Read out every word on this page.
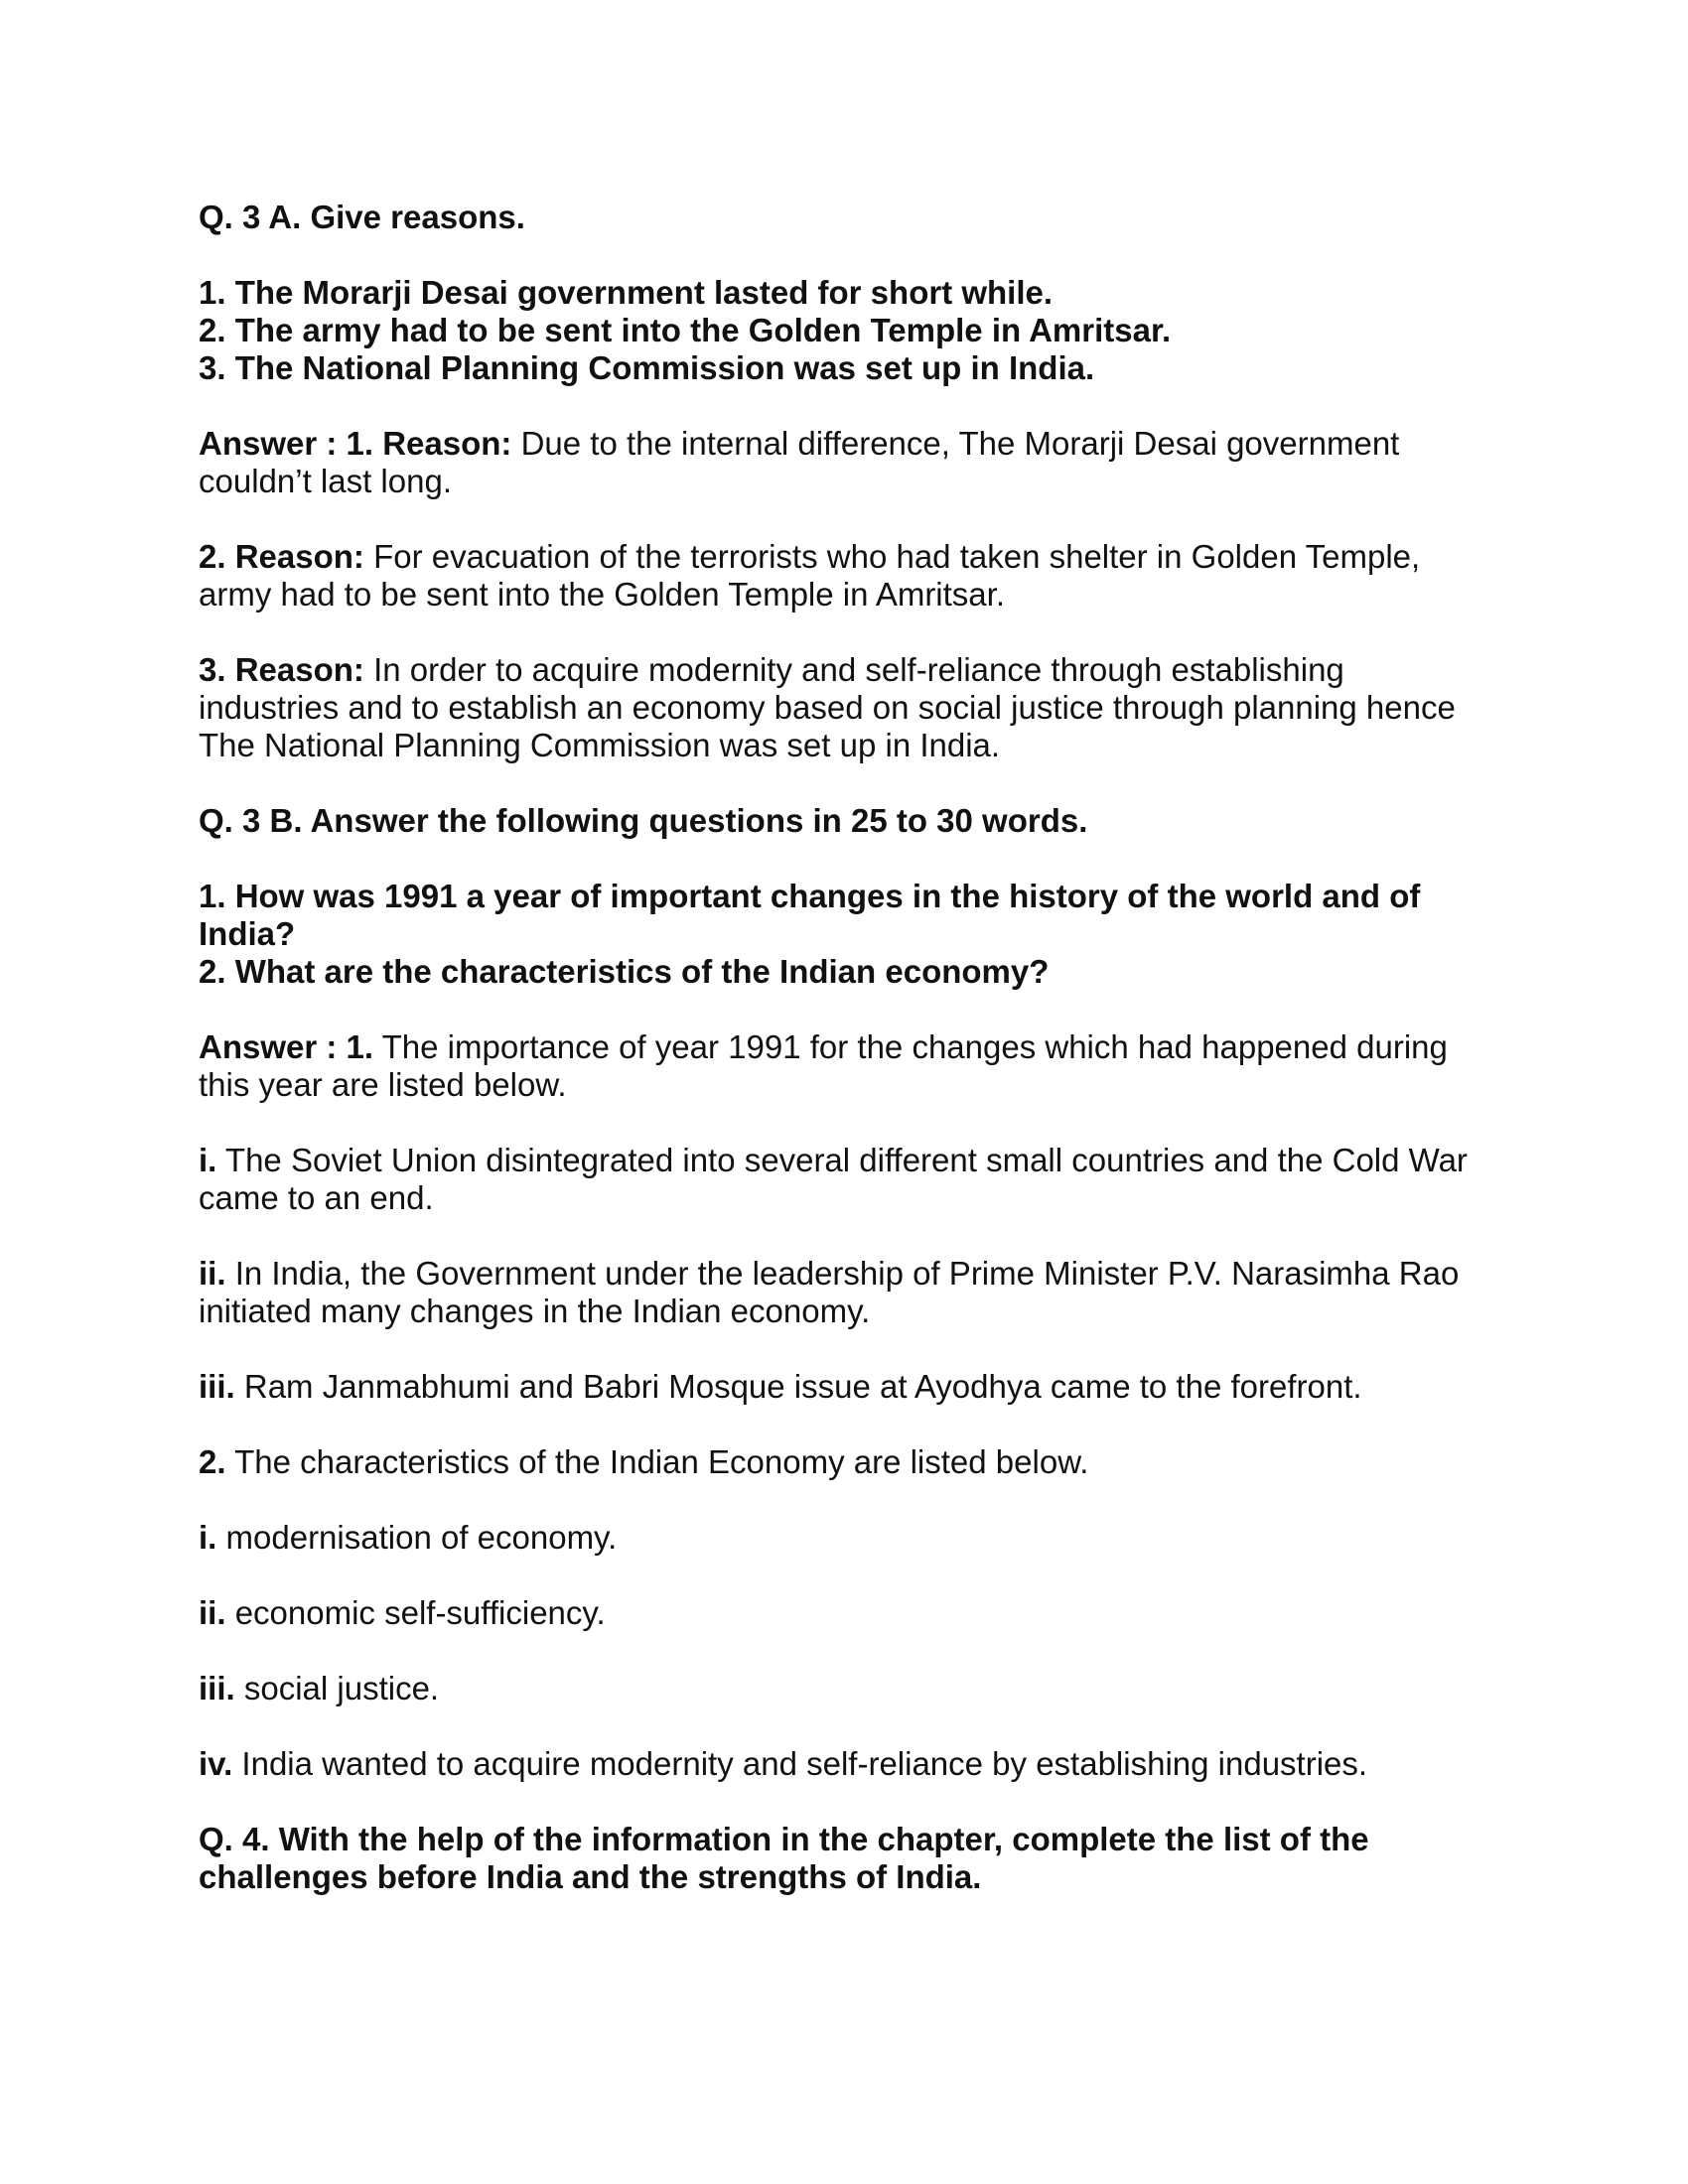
Q. 3 A. Give reasons.
1. The Morarji Desai government lasted for short while.
2. The army had to be sent into the Golden Temple in Amritsar.
3. The National Planning Commission was set up in India.
Answer : 1. Reason: Due to the internal difference, The Morarji Desai government couldn’t last long.
2. Reason: For evacuation of the terrorists who had taken shelter in Golden Temple, army had to be sent into the Golden Temple in Amritsar.
3. Reason: In order to acquire modernity and self-reliance through establishing industries and to establish an economy based on social justice through planning hence The National Planning Commission was set up in India.
Q. 3 B. Answer the following questions in 25 to 30 words.
1. How was 1991 a year of important changes in the history of the world and of India?
2. What are the characteristics of the Indian economy?
Answer : 1. The importance of year 1991 for the changes which had happened during this year are listed below.
i. The Soviet Union disintegrated into several different small countries and the Cold War came to an end.
ii. In India, the Government under the leadership of Prime Minister P.V. Narasimha Rao initiated many changes in the Indian economy.
iii. Ram Janmabhumi and Babri Mosque issue at Ayodhya came to the forefront.
2. The characteristics of the Indian Economy are listed below.
i. modernisation of economy.
ii. economic self-sufficiency.
iii. social justice.
iv. India wanted to acquire modernity and self-reliance by establishing industries.
Q. 4. With the help of the information in the chapter, complete the list of the challenges before India and the strengths of India.
